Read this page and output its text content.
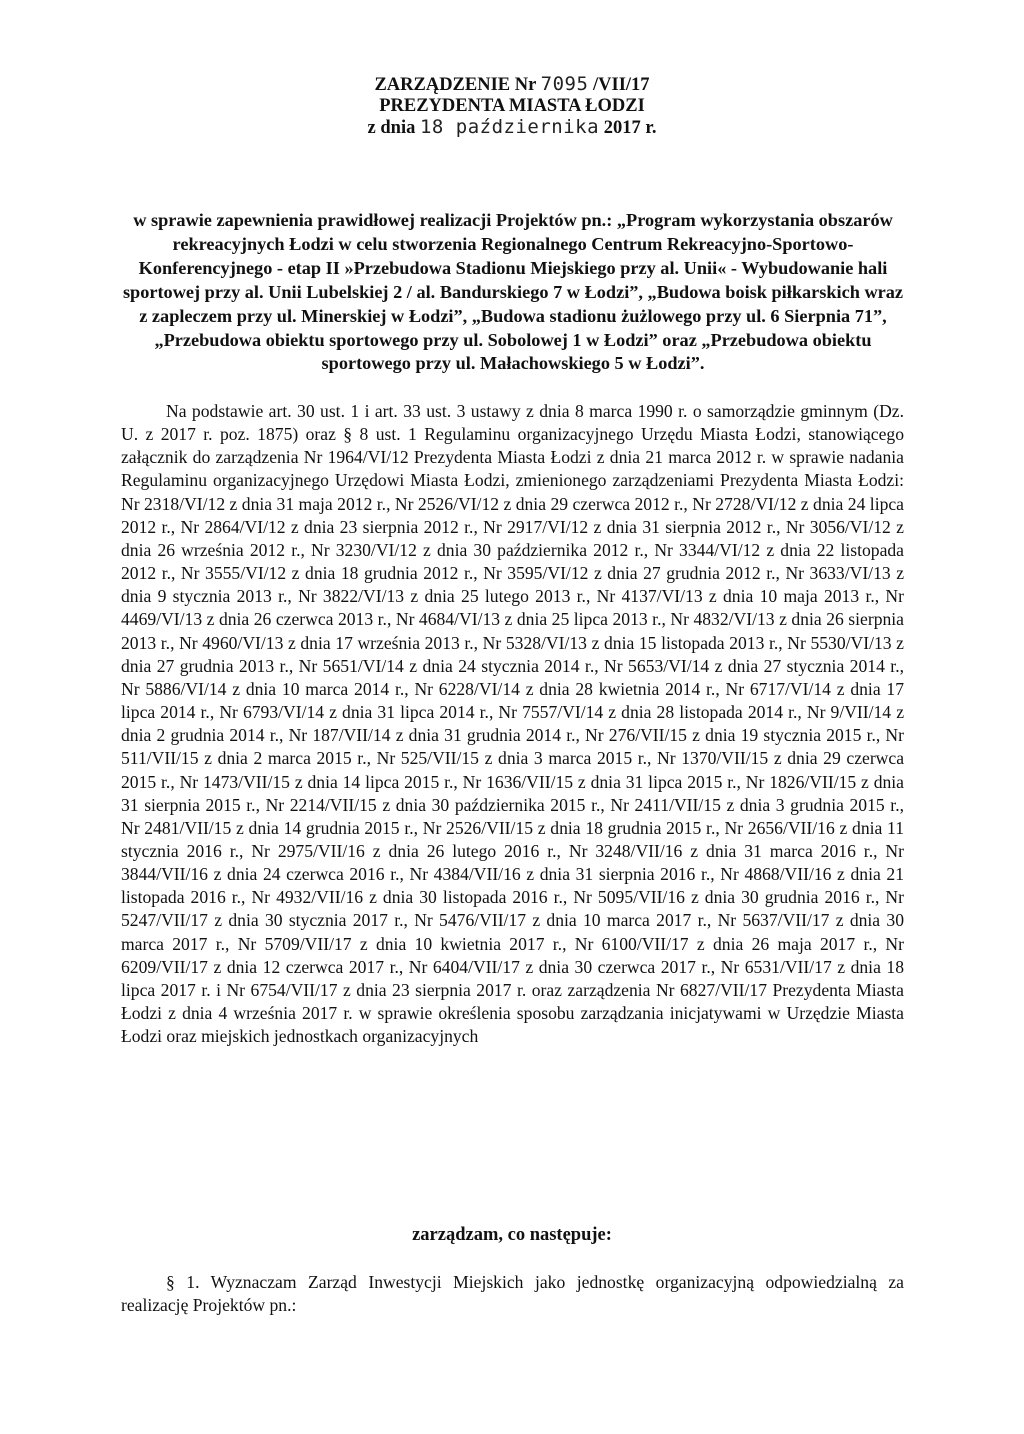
ZARZĄDZENIE Nr 7095 /VII/17
PREZYDENTA MIASTA ŁODZI
z dnia 18 października 2017 r.
w sprawie zapewnienia prawidłowej realizacji Projektów pn.: „Program wykorzystania obszarów rekreacyjnych Łodzi w celu stworzenia Regionalnego Centrum Rekreacyjno-Sportowo-Konferencyjnego - etap II »Przebudowa Stadionu Miejskiego przy al. Unii« - Wybudowanie hali sportowej przy al. Unii Lubelskiej 2 / al. Bandurskiego 7 w Łodzi”, „Budowa boisk piłkarskich wraz z zapleczem przy ul. Minerskiej w Łodzi”, „Budowa stadionu żużlowego przy ul. 6 Sierpnia 71”, „Przebudowa obiektu sportowego przy ul. Sobolowej 1 w Łodzi” oraz „Przebudowa obiektu sportowego przy ul. Małachowskiego 5 w Łodzi”.

Na podstawie art. 30 ust. 1 i art. 33 ust. 3 ustawy z dnia 8 marca 1990 r. o samorządzie gminnym (Dz. U. z 2017 r. poz. 1875) oraz § 8 ust. 1 Regulaminu organizacyjnego Urzędu Miasta Łodzi, stanowiącego załącznik do zarządzenia Nr 1964/VI/12 Prezydenta Miasta Łodzi z dnia 21 marca 2012 r. w sprawie nadania Regulaminu organizacyjnego Urzędowi Miasta Łodzi, zmienionego zarządzeniami Prezydenta Miasta Łodzi: Nr 2318/VI/12 z dnia 31 maja 2012 r., Nr 2526/VI/12 z dnia 29 czerwca 2012 r., Nr 2728/VI/12 z dnia 24 lipca 2012 r., Nr 2864/VI/12 z dnia 23 sierpnia 2012 r., Nr 2917/VI/12 z dnia 31 sierpnia 2012 r., Nr 3056/VI/12 z dnia 26 września 2012 r., Nr 3230/VI/12 z dnia 30 października 2012 r., Nr 3344/VI/12 z dnia 22 listopada 2012 r., Nr 3555/VI/12 z dnia 18 grudnia 2012 r., Nr 3595/VI/12 z dnia 27 grudnia 2012 r., Nr 3633/VI/13 z dnia 9 stycznia 2013 r., Nr 3822/VI/13 z dnia 25 lutego 2013 r., Nr 4137/VI/13 z dnia 10 maja 2013 r., Nr 4469/VI/13 z dnia 26 czerwca 2013 r., Nr 4684/VI/13 z dnia 25 lipca 2013 r., Nr 4832/VI/13 z dnia 26 sierpnia 2013 r., Nr 4960/VI/13 z dnia 17 września 2013 r., Nr 5328/VI/13 z dnia 15 listopada 2013 r., Nr 5530/VI/13 z dnia 27 grudnia 2013 r., Nr 5651/VI/14 z dnia 24 stycznia 2014 r., Nr 5653/VI/14 z dnia 27 stycznia 2014 r., Nr 5886/VI/14 z dnia 10 marca 2014 r., Nr 6228/VI/14 z dnia 28 kwietnia 2014 r., Nr 6717/VI/14 z dnia 17 lipca 2014 r., Nr 6793/VI/14 z dnia 31 lipca 2014 r., Nr 7557/VI/14 z dnia 28 listopada 2014 r., Nr 9/VII/14 z dnia 2 grudnia 2014 r., Nr 187/VII/14 z dnia 31 grudnia 2014 r., Nr 276/VII/15 z dnia 19 stycznia 2015 r., Nr 511/VII/15 z dnia 2 marca 2015 r., Nr 525/VII/15 z dnia 3 marca 2015 r., Nr 1370/VII/15 z dnia 29 czerwca 2015 r., Nr 1473/VII/15 z dnia 14 lipca 2015 r., Nr 1636/VII/15 z dnia 31 lipca 2015 r., Nr 1826/VII/15 z dnia 31 sierpnia 2015 r., Nr 2214/VII/15 z dnia 30 października 2015 r., Nr 2411/VII/15 z dnia 3 grudnia 2015 r., Nr 2481/VII/15 z dnia 14 grudnia 2015 r., Nr 2526/VII/15 z dnia 18 grudnia 2015 r., Nr 2656/VII/16 z dnia 11 stycznia 2016 r., Nr 2975/VII/16 z dnia 26 lutego 2016 r., Nr 3248/VII/16 z dnia 31 marca 2016 r., Nr 3844/VII/16 z dnia 24 czerwca 2016 r., Nr 4384/VII/16 z dnia 31 sierpnia 2016 r., Nr 4868/VII/16 z dnia 21 listopada 2016 r., Nr 4932/VII/16 z dnia 30 listopada 2016 r., Nr 5095/VII/16 z dnia 30 grudnia 2016 r., Nr 5247/VII/17 z dnia 30 stycznia 2017 r., Nr 5476/VII/17 z dnia 10 marca 2017 r., Nr 5637/VII/17 z dnia 30 marca 2017 r., Nr 5709/VII/17 z dnia 10 kwietnia 2017 r., Nr 6100/VII/17 z dnia 26 maja 2017 r., Nr 6209/VII/17 z dnia 12 czerwca 2017 r., Nr 6404/VII/17 z dnia 30 czerwca 2017 r., Nr 6531/VII/17 z dnia 18 lipca 2017 r. i Nr 6754/VII/17 z dnia 23 sierpnia 2017 r. oraz zarządzenia Nr 6827/VII/17 Prezydenta Miasta Łodzi z dnia 4 września 2017 r. w sprawie określenia sposobu zarządzania inicjatywami w Urzędzie Miasta Łodzi oraz miejskich jednostkach organizacyjnych

zarządzam, co następuje:
§ 1. Wyznaczam Zarząd Inwestycji Miejskich jako jednostkę organizacyjną odpowiedzialną za realizację Projektów pn.:
